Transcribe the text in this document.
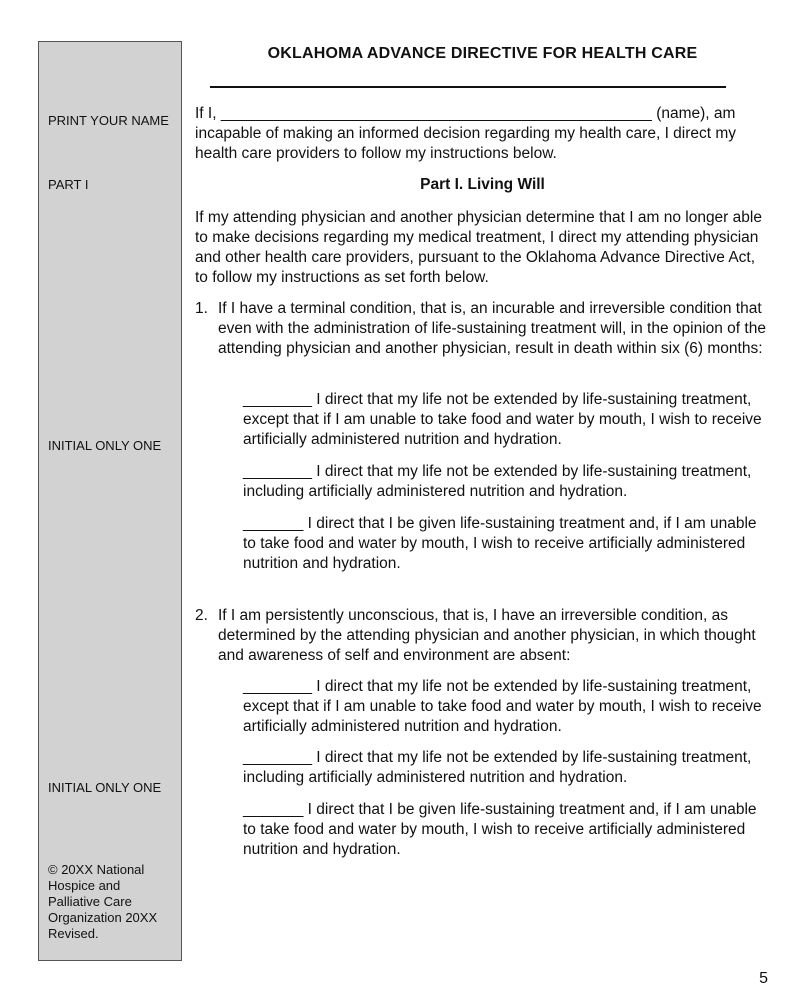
PRINT YOUR NAME
PART I
INITIAL ONLY ONE
INITIAL ONLY ONE
© 20XX National Hospice and Palliative Care Organization 20XX Revised.
OKLAHOMA ADVANCE DIRECTIVE FOR HEALTH CARE
If I, __________________________________________________ (name), am incapable of making an informed decision regarding my health care, I direct my health care providers to follow my instructions below.
Part I. Living Will
If my attending physician and another physician determine that I am no longer able to make decisions regarding my medical treatment, I direct my attending physician and other health care providers, pursuant to the Oklahoma Advance Directive Act, to follow my instructions as set forth below.
1. If I have a terminal condition, that is, an incurable and irreversible condition that even with the administration of life-sustaining treatment will, in the opinion of the attending physician and another physician, result in death within six (6) months:
________ I direct that my life not be extended by life-sustaining treatment, except that if I am unable to take food and water by mouth, I wish to receive artificially administered nutrition and hydration.
________ I direct that my life not be extended by life-sustaining treatment, including artificially administered nutrition and hydration.
_______ I direct that I be given life-sustaining treatment and, if I am unable to take food and water by mouth, I wish to receive artificially administered nutrition and hydration.
2. If I am persistently unconscious, that is, I have an irreversible condition, as determined by the attending physician and another physician, in which thought and awareness of self and environment are absent:
________ I direct that my life not be extended by life-sustaining treatment, except that if I am unable to take food and water by mouth, I wish to receive artificially administered nutrition and hydration.
________ I direct that my life not be extended by life-sustaining treatment, including artificially administered nutrition and hydration.
_______ I direct that I be given life-sustaining treatment and, if I am unable to take food and water by mouth, I wish to receive artificially administered nutrition and hydration.
5
